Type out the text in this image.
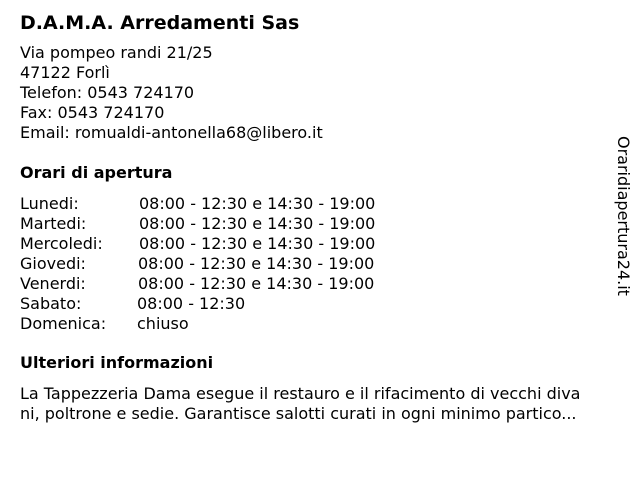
D.A.M.A. Arredamenti Sas
Via pompeo randi 21/25
47122 Forlì
Telefon: 0543 724170
Fax: 0543 724170
Email: romualdi-antonella68@libero.it
Orari di apertura
Lunedi:	08:00 - 12:30 e 14:30 - 19:00
Martedi:	08:00 - 12:30 e 14:30 - 19:00
Mercoledi: 08:00 - 12:30 e 14:30 - 19:00
Giovedi:	08:00 - 12:30 e 14:30 - 19:00
Venerdi:	08:00 - 12:30 e 14:30 - 19:00
Sabato:	08:00 - 12:30
Domenica: chiuso
Ulteriori informazioni
La Tappezzeria Dama esegue il restauro e il rifacimento di vecchi diva
ni, poltrone e sedie. Garantisce salotti curati in ogni minimo partico...
Oraridiapertura24.it
